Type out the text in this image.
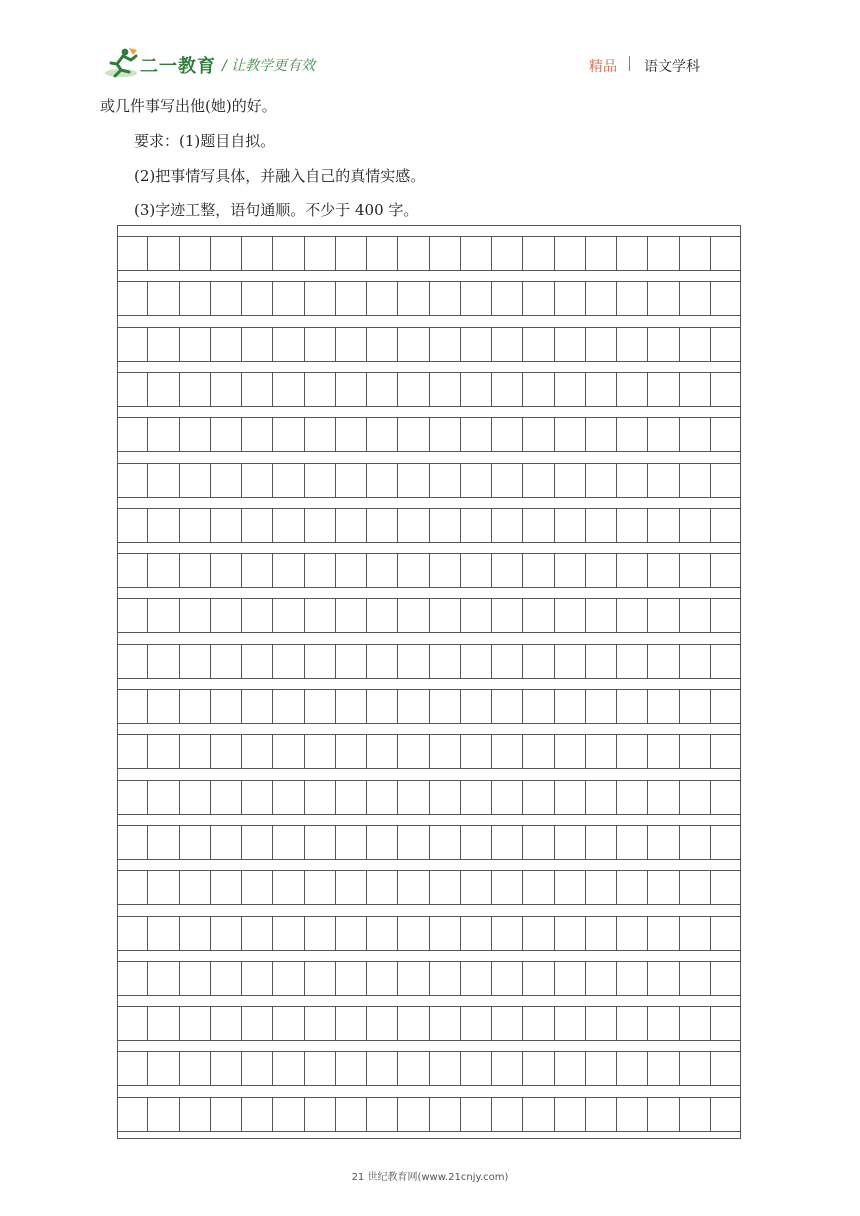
二一教育 / 让教学更有效	精品 语文学科
或几件事写出他(她)的好。
要求：(1)题目自拟。
(2)把事情写具体，并融入自己的真情实感。
(3)字迹工整，语句通顺。不少于 400 字。
21 世纪教育网(www.21cnjy.com)
